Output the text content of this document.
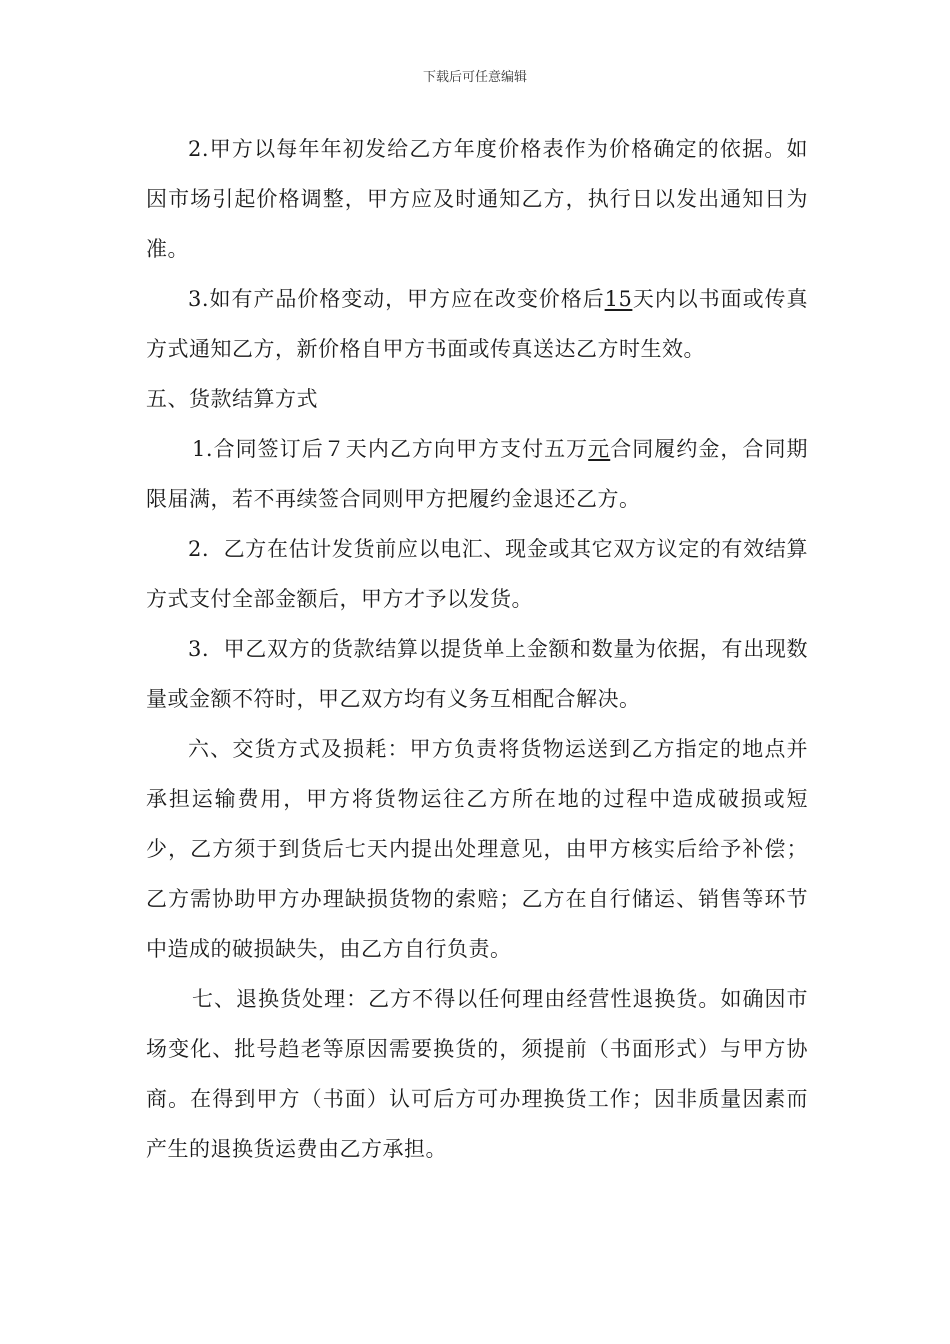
下载后可任意编辑

2.甲方以每年年初发给乙方年度价格表作为价格确定的依据。如因市场引起价格调整，甲方应及时通知乙方，执行日以发出通知日为准。

3.如有产品价格变动，甲方应在改变价格后15天内以书面或传真方式通知乙方，新价格自甲方书面或传真送达乙方时生效。

五、货款结算方式

1.合同签订后７天内乙方向甲方支付五万元合同履约金，合同期限届满，若不再续签合同则甲方把履约金退还乙方。

2．乙方在估计发货前应以电汇、现金或其它双方议定的有效结算方式支付全部金额后，甲方才予以发货。

3．甲乙双方的货款结算以提货单上金额和数量为依据，有出现数量或金额不符时，甲乙双方均有义务互相配合解决。

六、交货方式及损耗：甲方负责将货物运送到乙方指定的地点并承担运输费用，甲方将货物运往乙方所在地的过程中造成破损或短少，乙方须于到货后七天内提出处理意见，由甲方核实后给予补偿；乙方需协助甲方办理缺损货物的索赔；乙方在自行储运、销售等环节中造成的破损缺失，由乙方自行负责。

七、退换货处理：乙方不得以任何理由经营性退换货。如确因市场变化、批号趋老等原因需要换货的，须提前（书面形式）与甲方协商。在得到甲方（书面）认可后方可办理换货工作；因非质量因素而产生的退换货运费由乙方承担。
